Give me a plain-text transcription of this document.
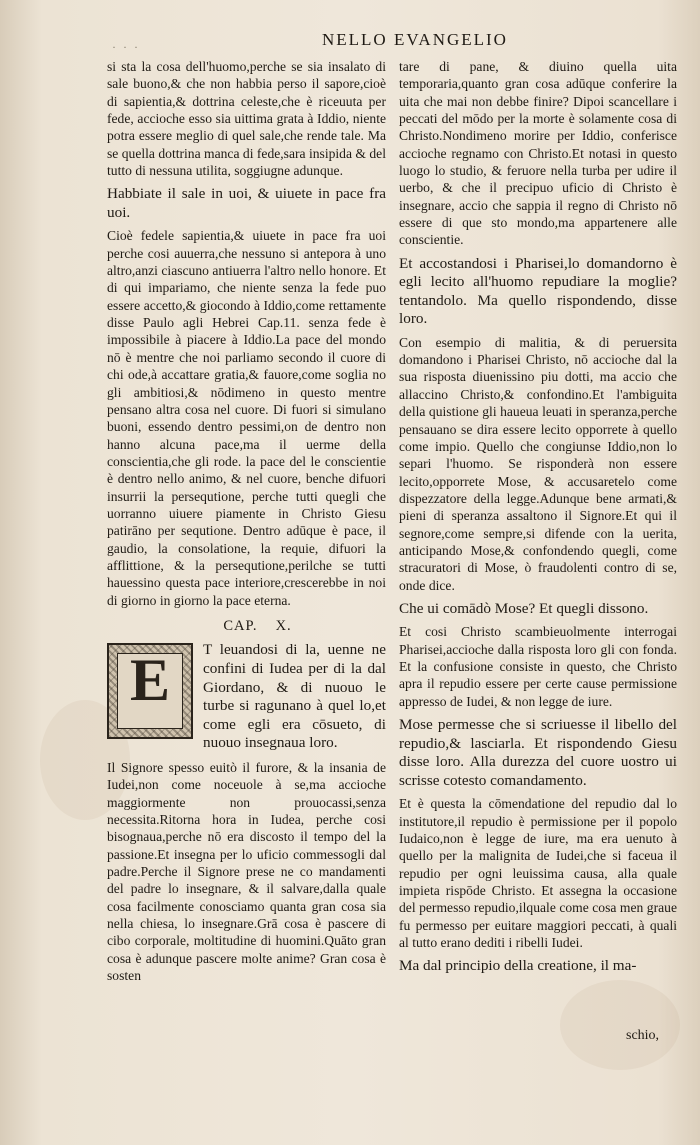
· · ·	NELLO EVANGELIO

si sta la cosa dell'huomo,perche se sia insalato di sale buono,& che non habbia perso il sapore,cioè di sapientia,& dottrina celeste,che è riceuuta per fede, accioche esso sia uittima grata à Iddio, niente potra essere meglio di quel sale,che rende tale. Ma se quella dottrina manca di fede,sara insipida & del tutto di nessuna utilita, soggiugne adunque.

Habbiate il sale in uoi, & uiuete in pace fra uoi.

Cioè fedele sapientia,& uiuete in pace fra uoi perche cosi auuerra,che nessuno si antepora à uno altro,anzi ciascuno antiuerra l'altro nello honore. Et di qui impariamo, che niente senza la fede puo essere accetto,& giocondo à Iddio,come rettamente disse Paulo agli Hebrei Cap.11. senza fede è impossibile à piacere à Iddio.La pace del mondo nō è mentre che noi parliamo secondo il cuore di chi ode,à accattare gratia,& fauore,come soglia no gli ambitiosi,& nōdimeno in questo mentre pensano altra cosa nel cuore. Di fuori si simulano buoni, essendo dentro pessimi,on de dentro non hanno alcuna pace,ma il uerme della conscientia,che gli rode. la pace del le conscientie è dentro nello animo, & nel cuore, benche difuori insurrii la persequtione, perche tutti quegli che uorranno uiuere piamente in Christo Giesu patirāno per sequtione. Dentro adūque è pace, il gaudio, la consolatione, la requie, difuori la afflittione, & la persequtione,perilche se tutti hauessino questa pace interiore,crescerebbe in noi di giorno in giorno la pace eterna.

CAP. X.
E	T leuandosi di la, uenne ne confini di Iudea per di la dal Giordano, & di nuouo le turbe si ragunano à quel lo,et come egli era cōsueto, di nuouo insegnaua loro.

Il Signore spesso euitò il furore, & la insania de Iudei,non come noceuole à se,ma accioche maggiormente non prouocassi,senza necessita.Ritorna hora in Iudea, perche cosi bisognaua,perche nō era discosto il tempo del la passione.Et insegna per lo uficio commessogli dal padre.Perche il Signore prese ne co mandamenti del padre lo insegnare, & il salvare,dalla quale cosa facilmente conosciamo quanta gran cosa sia nella chiesa, lo insegnare.Grā cosa è pascere di cibo corporale, moltitudine di huomini.Quāto gran cosa è adunque pascere molte anime? Gran cosa è sosten

tare di pane, & diuino quella uita temporaria,quanto gran cosa adūque conferire la uita che mai non debbe finire? Dipoi scancellare i peccati del mōdo per la morte è solamente cosa di Christo.Nondimeno morire per Iddio, conferisce accioche regnamo con Christo.Et notasi in questo luogo lo studio, & feruore nella turba per udire il uerbo, & che il precipuo uficio di Christo è insegnare, accio che sappia il regno di Christo nō essere di que sto mondo,ma appartenere alle conscientie.

Et accostandosi i Pharisei,lo domandorno è egli lecito all'huomo repudiare la moglie? tentandolo. Ma quello rispondendo, disse loro.

Con esempio di malitia, & di peruersita domandono i Pharisei Christo, nō accioche dal la sua risposta diuenissino piu dotti, ma accio che allaccino Christo,& confondino.Et l'ambiguita della quistione gli haueua leuati in speranza,perche pensauano se dira essere lecito opporrete à quello come impio. Quello che congiunse Iddio,non lo separi l'huomo. Se risponderà non essere lecito,opporrete Mose, & accusaretelo come dispezzatore della legge.Adunque bene armati,& pieni di speranza assaltono il Signore.Et qui il segnore,come sempre,si difende con la uerita, anticipando Mose,& confondendo quegli, come stracuratori di Mose, ò fraudolenti contro di se, onde dice.

Che ui comādò Mose? Et quegli dissono.

Et cosi Christo scambieuolmente interrogai Pharisei,accioche dalla risposta loro gli con fonda. Et la confusione consiste in questo, che Christo apra il repudio essere per certe cause permissione appresso de Iudei, & non legge de iure.

Mose permesse che si scriuesse il libello del repudio,& lasciarla. Et rispondendo Giesu disse loro. Alla durezza del cuore uostro ui scrisse cotesto comandamento.

Et è questa la cōmendatione del repudio dal lo institutore,il repudio è permissione per il popolo Iudaico,non è legge de iure, ma era uenuto à quello per la malignita de Iudei,che si faceua il repudio per ogni leuissima causa, alla quale impieta rispōde Christo. Et assegna la occasione del permesso repudio,ilquale come cosa men graue fu permesso per euitare maggiori peccati, à quali al tutto erano dediti i ribelli Iudei.

Ma dal principio della creatione, il ma-

schio,
